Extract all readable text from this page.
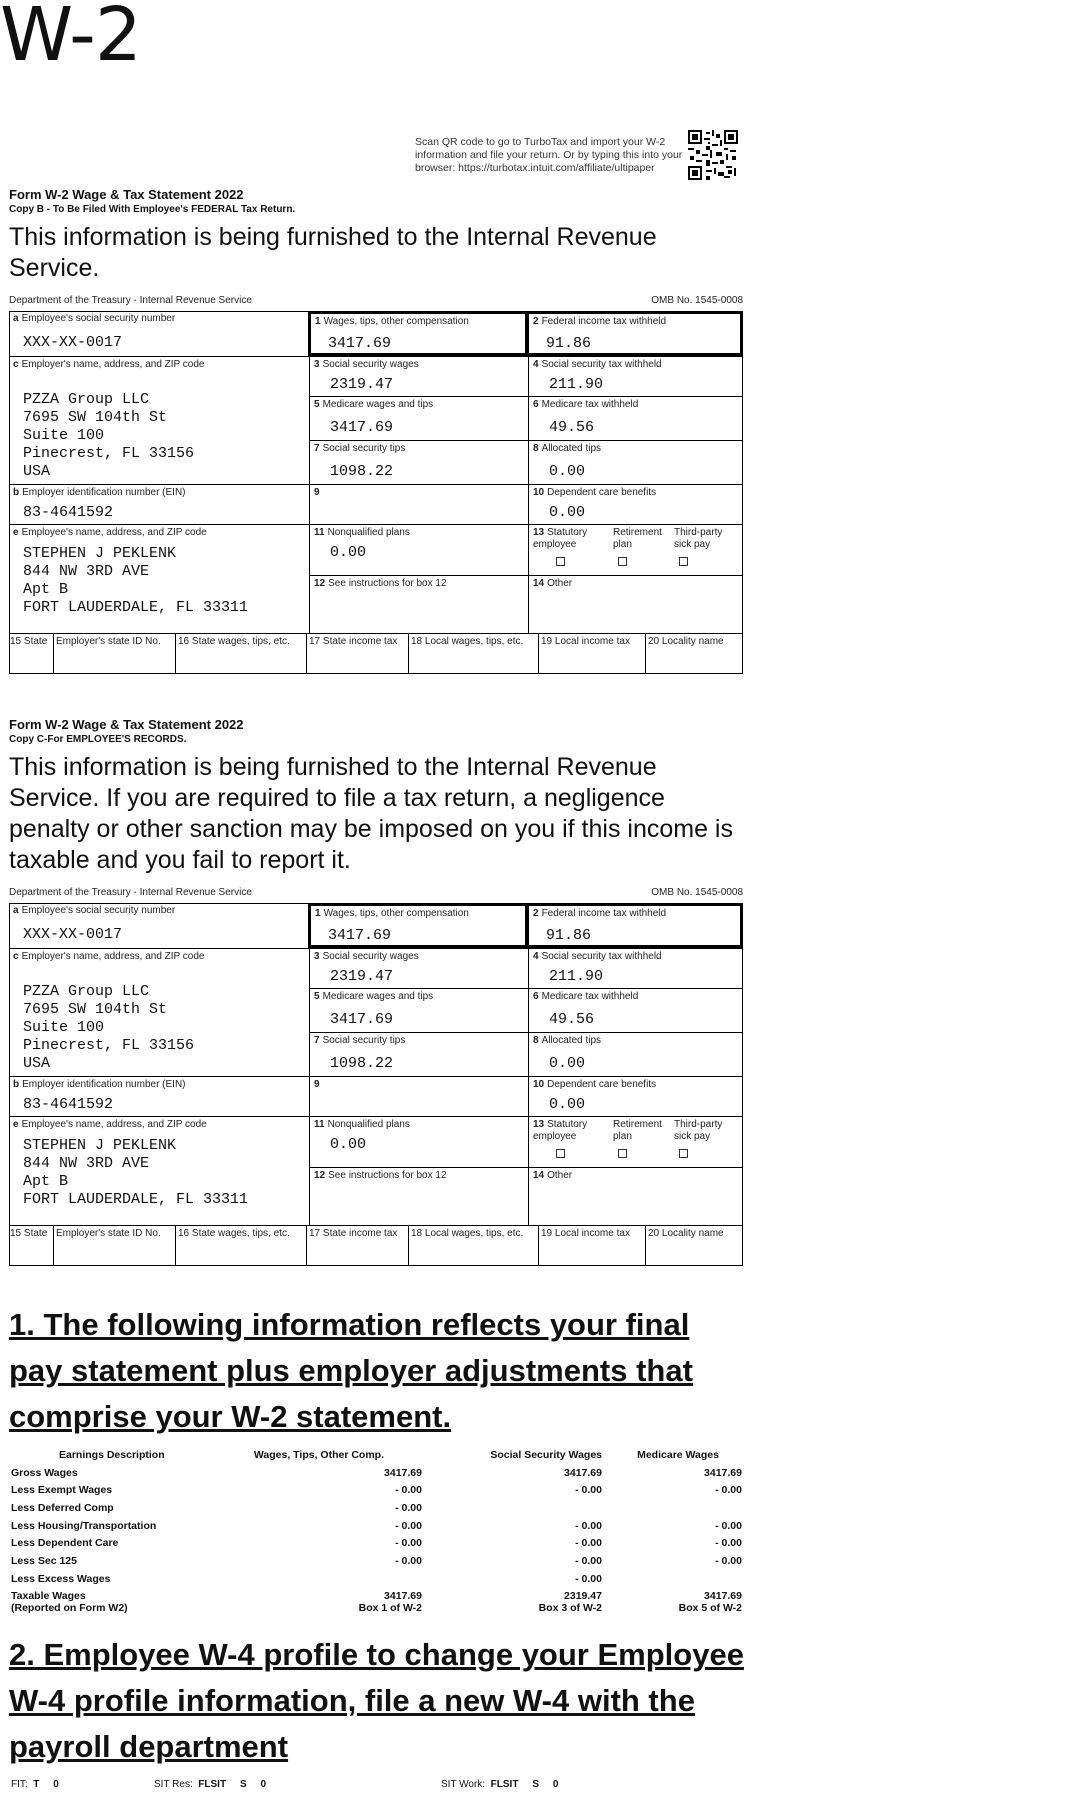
W-2
Scan QR code to go to TurboTax and import your W-2 information and file your return. Or by typing this into your browser: https://turbotax.intuit.com/affiliate/ultipaper
Form W-2 Wage & Tax Statement 2022
Copy B - To Be Filed With Employee's FEDERAL Tax Return.
This information is being furnished to the Internal Revenue Service.
Department of the Treasury - Internal Revenue Service	OMB No. 1545-0008
a Employee's social security number
XXX-XX-0017
1 Wages, tips, other compensation
3417.69
2 Federal income tax withheld
91.86
c Employer's name, address, and ZIP code
PZZA Group LLC
7695 SW 104th St
Suite 100
Pinecrest, FL 33156
USA
3 Social security wages
2319.47
4 Social security tax withheld
211.90
5 Medicare wages and tips
3417.69
6 Medicare tax withheld
49.56
7 Social security tips
1098.22
8 Allocated tips
0.00
b Employer identification number (EIN)
83-4641592
9	10 Dependent care benefits
0.00
e Employee's name, address, and ZIP code
STEPHEN J PEKLENK
844 NW 3RD AVE
Apt B
FORT LAUDERDALE, FL 33311
11 Nonqualified plans
0.00
13 Statutory employee
Retirement plan
Third-party sick pay
12 See instructions for box 12	14 Other
15 State Employer's state ID No. 16 State wages, tips, etc. 17 State income tax 18 Local wages, tips, etc. 19 Local income tax 20 Locality name
Form W-2 Wage & Tax Statement 2022
Copy C-For EMPLOYEE'S RECORDS.
This information is being furnished to the Internal Revenue Service. If you are required to file a tax return, a negligence penalty or other sanction may be imposed on you if this income is taxable and you fail to report it.
Department of the Treasury - Internal Revenue Service	OMB No. 1545-0008
a Employee's social security number
XXX-XX-0017
1 Wages, tips, other compensation
3417.69
2 Federal income tax withheld
91.86
c Employer's name, address, and ZIP code
PZZA Group LLC
7695 SW 104th St
Suite 100
Pinecrest, FL 33156
USA
3 Social security wages
2319.47
4 Social security tax withheld
211.90
5 Medicare wages and tips
3417.69
6 Medicare tax withheld
49.56
7 Social security tips
1098.22
8 Allocated tips
0.00
b Employer identification number (EIN)
83-4641592
9	10 Dependent care benefits
0.00
e Employee's name, address, and ZIP code
STEPHEN J PEKLENK
844 NW 3RD AVE
Apt B
FORT LAUDERDALE, FL 33311
11 Nonqualified plans
0.00
13 Statutory employee
Retirement plan
Third-party sick pay
12 See instructions for box 12	14 Other
15 State Employer's state ID No. 16 State wages, tips, etc. 17 State income tax 18 Local wages, tips, etc. 19 Local income tax 20 Locality name
1. The following information reflects your final pay statement plus employer adjustments that comprise your W-2 statement.
Earnings Description	Wages, Tips, Other Comp.	Social Security Wages	Medicare Wages
Gross Wages	3417.69	3417.69	3417.69
Less Exempt Wages	- 0.00	- 0.00	- 0.00
Less Deferred Comp	- 0.00		
Less Housing/Transportation	- 0.00	- 0.00	- 0.00
Less Dependent Care	- 0.00	- 0.00	- 0.00
Less Sec 125	- 0.00	- 0.00	- 0.00
Less Excess Wages		- 0.00	
Taxable Wages	3417.69	2319.47	3417.69
(Reported on Form W2)	Box 1 of W-2	Box 3 of W-2	Box 5 of W-2
2. Employee W-4 profile to change your Employee W-4 profile information, file a new W-4 with the payroll department
FIT: T 0	SIT Res: FLSIT S 0	SIT Work: FLSIT S 0
